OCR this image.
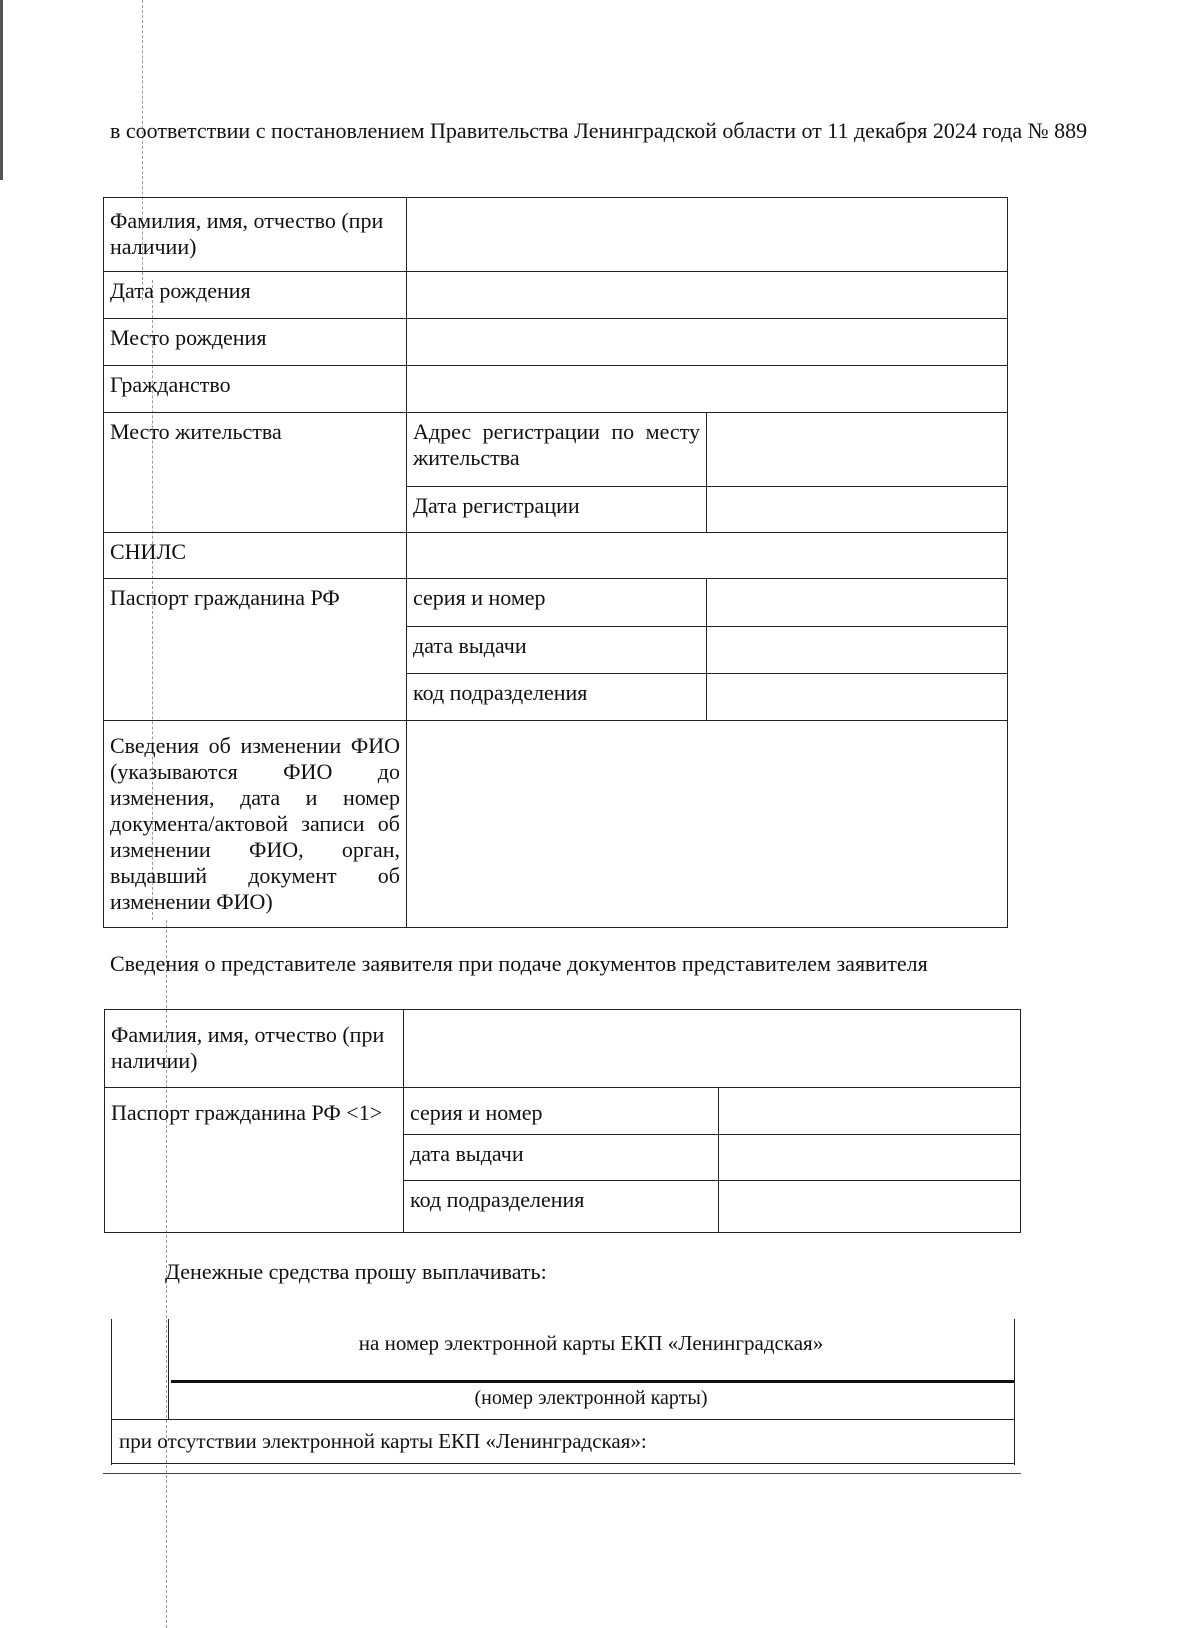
в соответствии с постановлением Правительства Ленинградской области от 11 декабря 2024 года № 889
Фамилия, имя, отчество (при наличии)		
Дата рождения		
Место рождения		
Гражданство		
Место жительства	Адрес регистрации по месту жительства	
	Дата регистрации	
СНИЛС		
Паспорт гражданина РФ	серия и номер	
	дата выдачи	
	код подразделения	
Сведения об изменении ФИО (указываются ФИО до изменения, дата и номер документа/актовой записи об изменении ФИО, орган, выдавший документ об изменении ФИО)		
Сведения о представителе заявителя при подаче документов представителем заявителя
Фамилия, имя, отчество (при наличии)		
Паспорт гражданина РФ <1>	серия и номер	
	дата выдачи	
	код подразделения	
Денежные средства прошу выплачивать:
на номер электронной карты ЕКП «Ленинградская»
(номер электронной карты)
при отсутствии электронной карты ЕКП «Ленинградская»:
